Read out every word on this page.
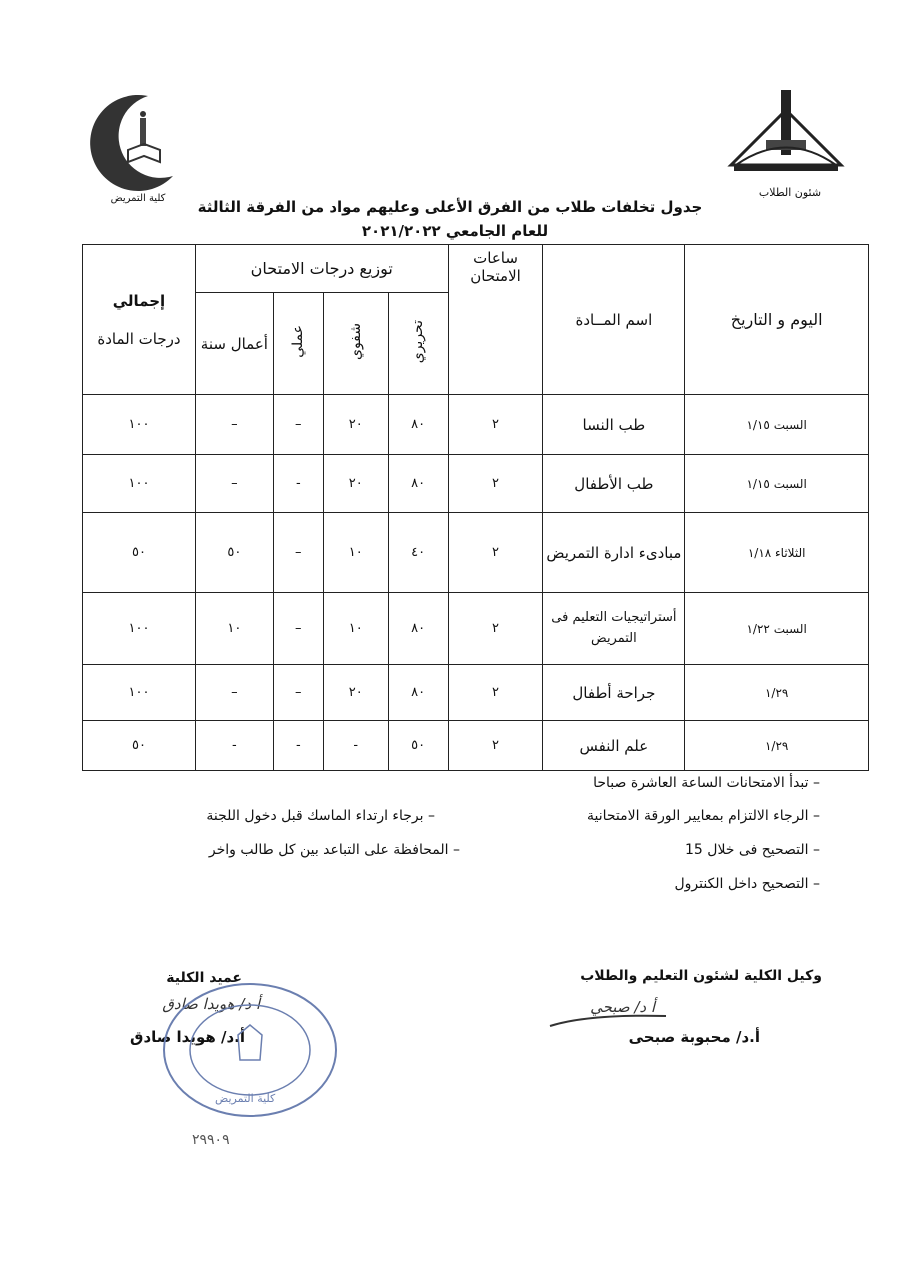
كلية التمريض	شئون الطلاب
جدول تخلفات طلاب من الفرق الأعلى وعليهم مواد من الفرقة الثالثة
للعام الجامعي ٢٠٢١/٢٠٢٢
اليوم و التاريخ	اسم المــادة	ساعات الامتحان	توزيع درجات الامتحان				إجمالي
درجات المادة

			تحريري	شفوي	عملي	أعمال سنة	
السبت ١/١٥	طب النسا	٢	٨٠	٢٠	–	–	١٠٠
السبت ١/١٥	طب الأطفال	٢	٨٠	٢٠	-	–	١٠٠
الثلاثاء ١/١٨	مبادىء ادارة التمريض	٢	٤٠	١٠	–	٥٠	٥٠
السبت ١/٢٢	أستراتيجيات التعليم فى التمريض	٢	٨٠	١٠	–	١٠	١٠٠
١/٢٩	جراحة أطفال	٢	٨٠	٢٠	–	–	١٠٠
١/٢٩	علم النفس	٢	٥٠	-	-	-	٥٠
– تبدأ الامتحانات الساعة العاشرة صباحا
– الرجاء الالتزام بمعايير الورقة الامتحانية
– التصحيح فى خلال 15
– التصحيح داخل الكنترول
– برجاء ارتداء الماسك قبل دخول اللجنة
– المحافظة على التباعد بين كل طالب واخر
وكيل الكلية لشئون التعليم والطلاب
أ د/ صبحي
أ.د/ محبوبة صبحى
عميد الكلية
أ د/ هويدا صادق
أ.د/ هويدا صادق
كلية التمريض
٢٩٩٠٩
